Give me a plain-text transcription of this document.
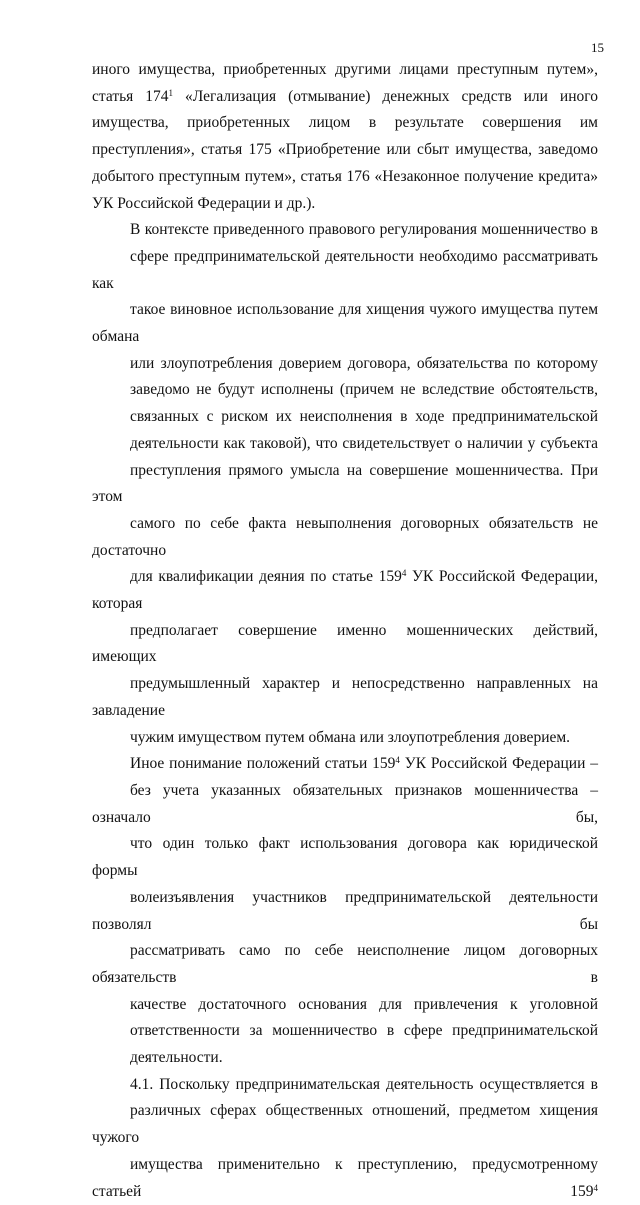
15

иного имущества, приобретенных другими лицами преступным путем»,
статья $174^1$ «Легализация (отмывание) денежных средств или иного
имущества, приобретенных лицом в результате совершения им
преступления», статья 175 «Приобретение или сбыт имущества, заведомо
добытого преступным путем», статья 176 «Незаконное получение кредита»
УК Российской Федерации и др.).

В контексте приведенного правового регулирования мошенничество в
сфере предпринимательской деятельности необходимо рассматривать как
такое виновное использование для хищения чужого имущества путем обмана
или злоупотребления доверием договора, обязательства по которому
заведомо не будут исполнены (причем не вследствие обстоятельств,
связанных с риском их неисполнения в ходе предпринимательской
деятельности как таковой), что свидетельствует о наличии у субъекта
преступления прямого умысла на совершение мошенничества. При этом
самого по себе факта невыполнения договорных обязательств не достаточно
для квалификации деяния по статье $159^4$ УК Российской Федерации, которая
предполагает совершение именно мошеннических действий, имеющих
предумышленный характер и непосредственно направленных на завладение
чужим имуществом путем обмана или злоупотребления доверием.

Иное понимание положений статьи $159^4$ УК Российской Федерации –
без учета указанных обязательных признаков мошенничества – означало бы,
что один только факт использования договора как юридической формы
волеизъявления участников предпринимательской деятельности позволял бы
рассматривать само по себе неисполнение лицом договорных обязательств в
качестве достаточного основания для привлечения к уголовной
ответственности за мошенничество в сфере предпринимательской
деятельности.

4.1. Поскольку предпринимательская деятельность осуществляется в
различных сферах общественных отношений, предметом хищения чужого
имущества применительно к преступлению, предусмотренному статьей $159^4$
